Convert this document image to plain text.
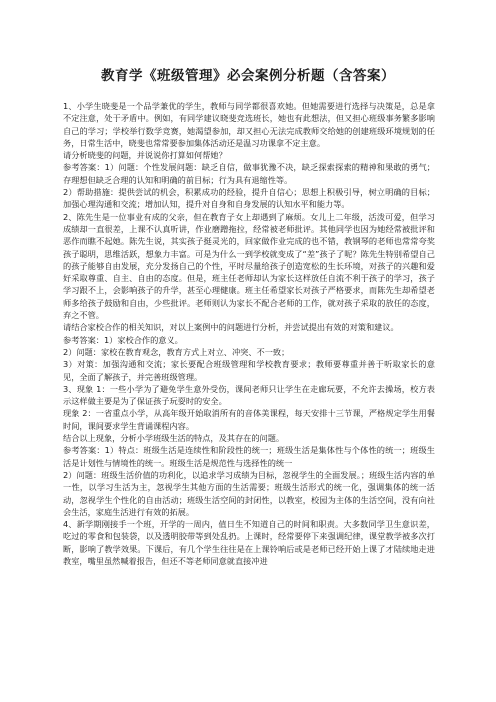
教育学《班级管理》必会案例分析题（含答案）

1、小学生晓斐是一个品学兼优的学生，教师与同学都很喜欢她。但她需要进行选择与决策是，总是拿不定注意，处于矛盾中。例如，有同学建议晓斐竞选班长，她也有此想法，但又担心班级事务繁多影响自己的学习；学校举行数学竞赛，她渴望参加，却又担心无法完成教师交给她的创建班级环境规划的任务，日常生活中，晓斐也常常要参加集体活动还是温习功课拿不定主意。

请分析晓斐的问题，并说说你打算如何帮她？

参考答案：1）问题：个性发展问题：缺乏自信，做事犹豫不决，缺乏探索探索的精神和果敢的勇气；存理想但缺乏合理的认知和明确的前目标；行为具有退缩性等。

2）帮助措施：提供尝试的机会，积累成功的经验，提升自信心；思想上积极引导，树立明确的目标；加强心理沟通和交流；增加认知，提升对自身和自身发展的认知水平和能力等。

2、陈先生是一位事业有成的父亲，但在教育子女上却遇到了麻烦。女儿上二年级，活泼可爱，但学习成绩却一直很差，上课不认真听讲，作业磨蹭拖拉，经常被老师批评。其他同学也因为她经常被批评和恶作而瞧不起她。陈先生说，其实孩子挺灵光的，回家做作业完成的也不错，教钢琴的老师也常常夸奖孩子聪明，思维活跃，想象力丰富。可是为什么一到学校就变成了“差”孩子了呢？陈先生特别希望自己的孩子能够自由发展，充分发扬自己的个性，平时尽量给孩子创造宽松的生长环境，对孩子的兴趣和爱好采取尊重、自主、自由的态度。但是，班主任老师却认为家长这样放任自流不利于孩子的学习，孩子学习跟不上，会影响孩子的升学，甚至心理健康。班主任希望家长对孩子严格要求，而陈先生却希望老师多给孩子鼓励和自由，少些批评。老师则认为家长不配合老师的工作，就对孩子采取的放任的态度，弃之不管。

请结合家校合作的相关知识，对以上案例中的问题进行分析，并尝试提出有效的对策和建议。

参考答案：1）家校合作的意义。

2）问题：家校在教育观念，教育方式上对立、冲突、不一致；

3）对策：加强沟通和交流；家长要配合班级管理和学校教育要求；教师要尊重并善于听取家长的意见，全面了解孩子，并完善班级管理。

3、现象 1：一些小学为了避免学生意外受伤，课间老师只让学生在走廊玩要，不允许去操场，校方表示这样做主要是为了保证孩子玩耍时的安全。

现象 2：一省重点小学，从高年级开始取消所有的音体美课程，每天安排十三节课，严格规定学生用餐时间，课间要求学生背诵课程内容。

结合以上现象，分析小学班级生活的特点，及其存在的问题。

参考答案：1）特点：班级生活是连续性和阶段性的统一；班级生活是集体性与个体性的统一；班级生活是计划性与情境性的统一。班级生活是规范性与选择性的统一

2）问题：班级生活价值的功利化，以追求学习成绩为目标，忽视学生的全面发展。；班级生活内容的单一性，以学习生活为主，忽视学生其他方面的生活需要；班级生活形式的统一化，强调集体的统一活动，忽视学生个性化的自由活动；班级生活空间的封闭性，以教室，校园为主体的生活空间，没有向社会生活，家庭生活进行有效的拓展。

4、新学期刚接手一个班，开学的一周内，值日生不知道自己的时间和职责。大多数同学卫生意识差，吃过的零食和包装袋，以及透明胶带等到处乱扔。上课时，经常要停下来强调纪律，课堂教学被多次打断，影响了教学效果。下课后，有几个学生往往是在上课铃响后或是老师已经开始上课了才陆续地走进教室，嘴里虽然喊着报告，但还不等老师同意就直接冲进
